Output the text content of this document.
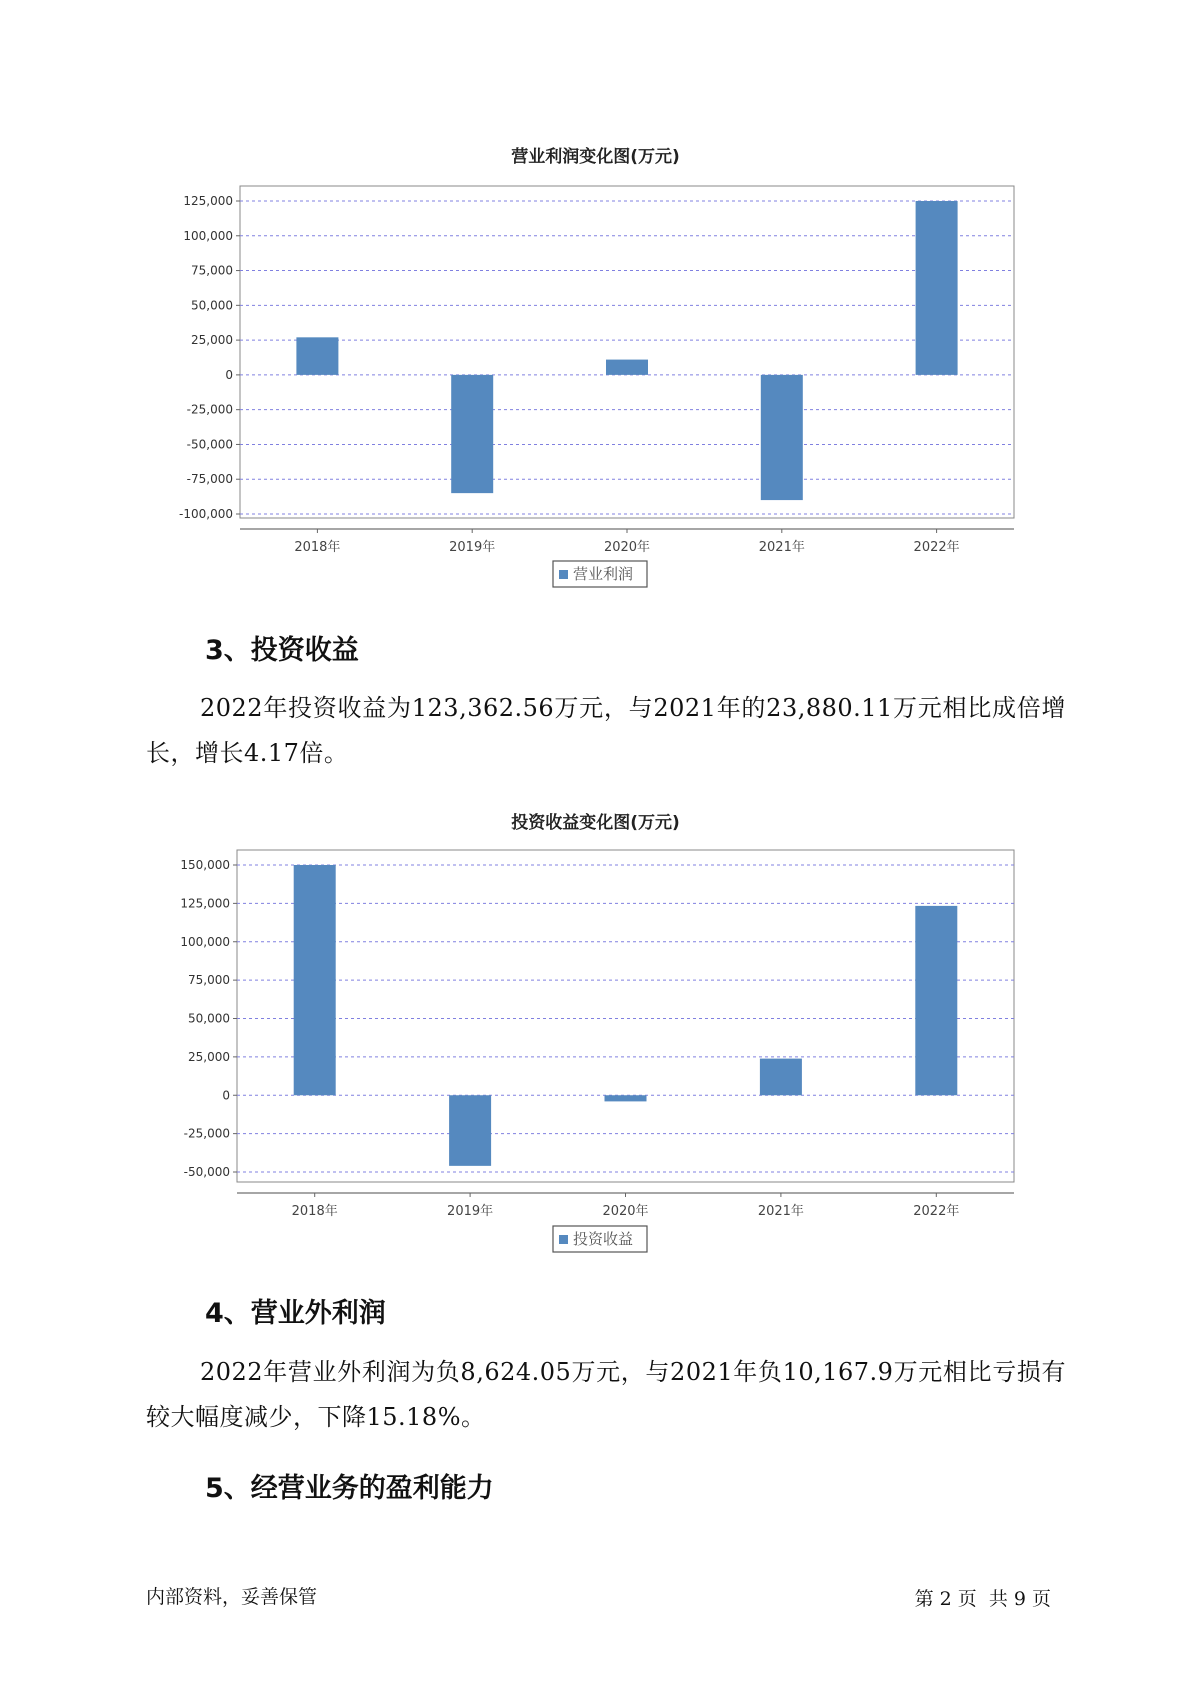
营业利润变化图(万元)
125,000
100,000
75,000
50,000
25,000
0
-25,000
-50,000
-75,000
-100,000
2018年	2019年	2020年	2021年	2022年
营业利润
3、投资收益

2022年投资收益为123,362.56万元，与2021年的23,880.11万元相比成倍增长，增长4.17倍。

投资收益变化图(万元)
150,000
125,000
100,000
75,000
50,000
25,000
0
-25,000
-50,000
2018年	2019年	2020年	2021年	2022年
投资收益
4、营业外利润

2022年营业外利润为负8,624.05万元，与2021年负10,167.9万元相比亏损有较大幅度减少，下降15.18%。

5、经营业务的盈利能力
内部资料，妥善保管	第 2 页  共 9 页
